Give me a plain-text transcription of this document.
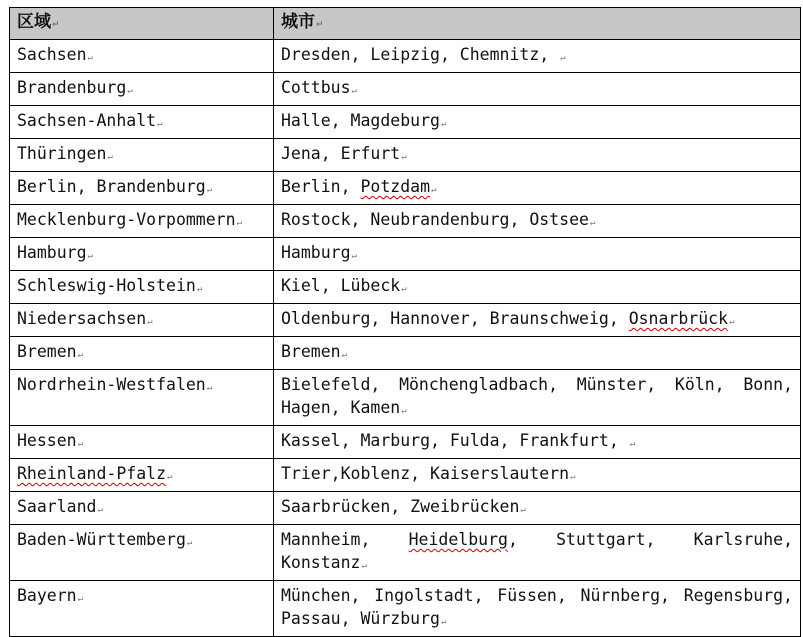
区域↵	城市↵
Sachsen↵	Dresden, Leipzig, Chemnitz, ↵
Brandenburg↵	Cottbus↵
Sachsen-Anhalt↵	Halle, Magdeburg↵
Thüringen↵	Jena, Erfurt↵
Berlin, Brandenburg↵	Berlin, Potzdam↵
Mecklenburg-Vorpommern↵	Rostock, Neubrandenburg, Ostsee↵
Hamburg↵	Hamburg↵
Schleswig-Holstein↵	Kiel, Lübeck↵
Niedersachsen↵	Oldenburg, Hannover, Braunschweig, Osnarbrück↵
Bremen↵	Bremen↵
Nordrhein-Westfalen↵	Bielefeld, Mönchengladbach, Münster, Köln, Bonn, Hagen, Kamen↵
Hessen↵	Kassel, Marburg, Fulda, Frankfurt, ↵
Rheinland-Pfalz↵	Trier,Koblenz, Kaiserslautern↵
Saarland↵	Saarbrücken, Zweibrücken↵
Baden-Württemberg↵	Mannheim, Heidelburg, Stuttgart, Karlsruhe, Konstanz↵
Bayern↵	München, Ingolstadt, Füssen, Nürnberg, Regensburg, Passau, Würzburg↵
